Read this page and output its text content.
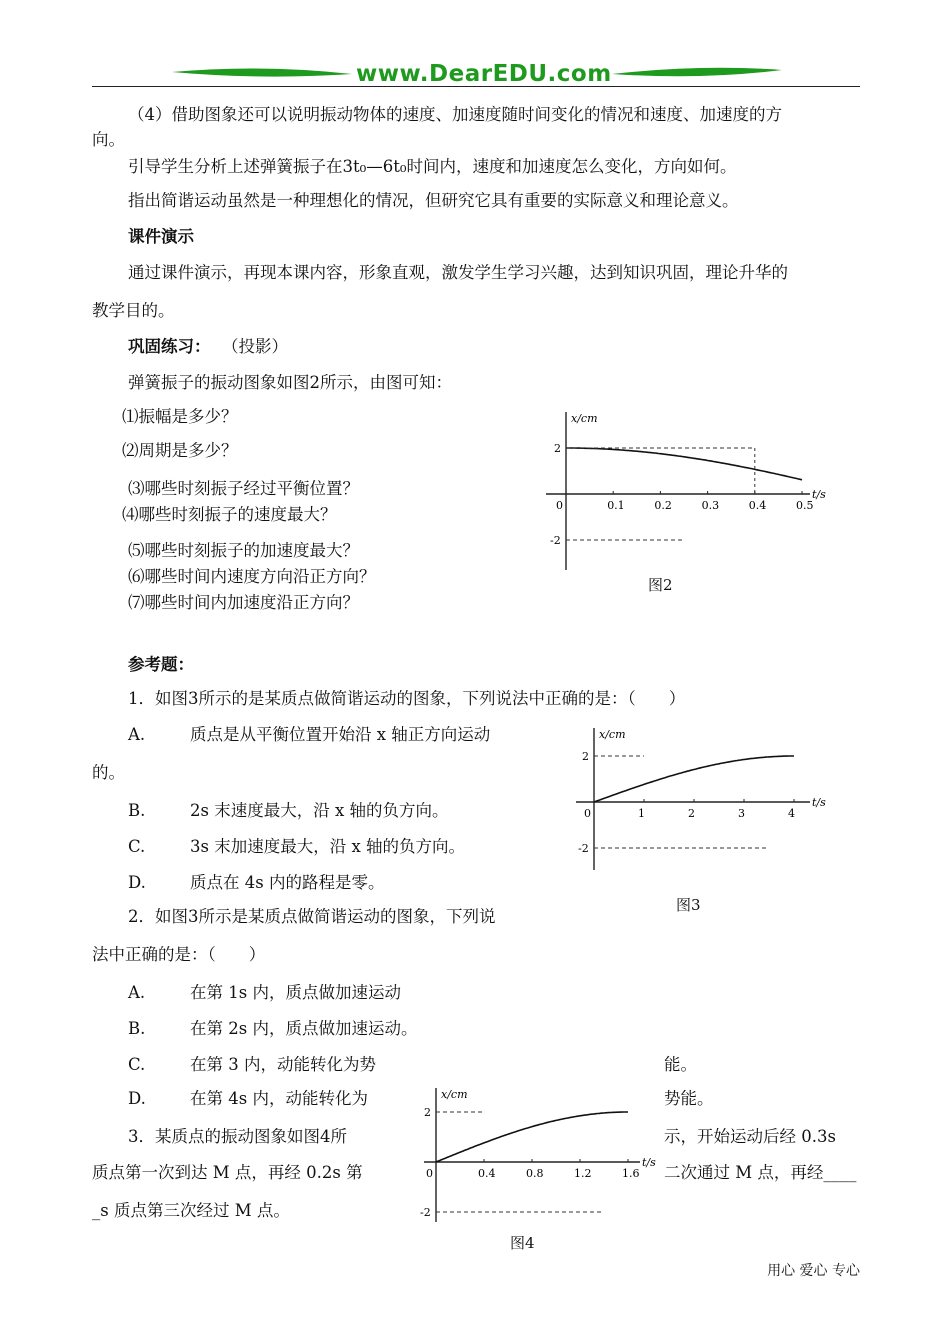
www.DearEDU.com
（4）借助图象还可以说明振动物体的速度、加速度随时间变化的情况和速度、加速度的方
向。
引导学生分析上述弹簧振子在3t₀—6t₀时间内，速度和加速度怎么变化，方向如何。
指出简谐运动虽然是一种理想化的情况，但研究它具有重要的实际意义和理论意义。
课件演示
通过课件演示，再现本课内容，形象直观，激发学生学习兴趣，达到知识巩固，理论升华的
教学目的。
巩固练习： （投影）
弹簧振子的振动图象如图2所示，由图可知：
⑴振幅是多少？
⑵周期是多少？
⑶哪些时刻振子经过平衡位置？
⑷哪些时刻振子的速度最大？
⑸哪些时刻振子的加速度最大？
⑹哪些时间内速度方向沿正方向？
⑺哪些时间内加速度沿正方向？
参考题：
1．如图3所示的是某质点做简谐运动的图象，下列说法中正确的是：（　　）
A.	质点是从平衡位置开始沿 x 轴正方向运动
的。
B.	2s 末速度最大，沿 x 轴的负方向。
C.	3s 末加速度最大，沿 x 轴的负方向。
D.	质点在 4s 内的路程是零。
2．如图3所示是某质点做简谐运动的图象，下列说
法中正确的是：（　　）
A.	在第 1s 内，质点做加速运动
B.	在第 2s 内，质点做加速运动。
C.	在第 3 内，动能转化为势	能。
D.	在第 4s 内，动能转化为	势能。
3．某质点的振动图象如图4所	示，开始运动后经 0.3s
质点第一次到达 M 点，再经 0.2s 第	二次通过 M 点，再经____
_s 质点第三次经过 M 点。
x/cm
t/s
2
-2
0	0.1	0.2	0.3	0.4	0.5
图2
x/cm
t/s
2
-2
0	1	2	3	4
图3
x/cm
t/s
2
-2
0	0.4	0.8	1.2	1.6
图4
用心 爱心 专心
